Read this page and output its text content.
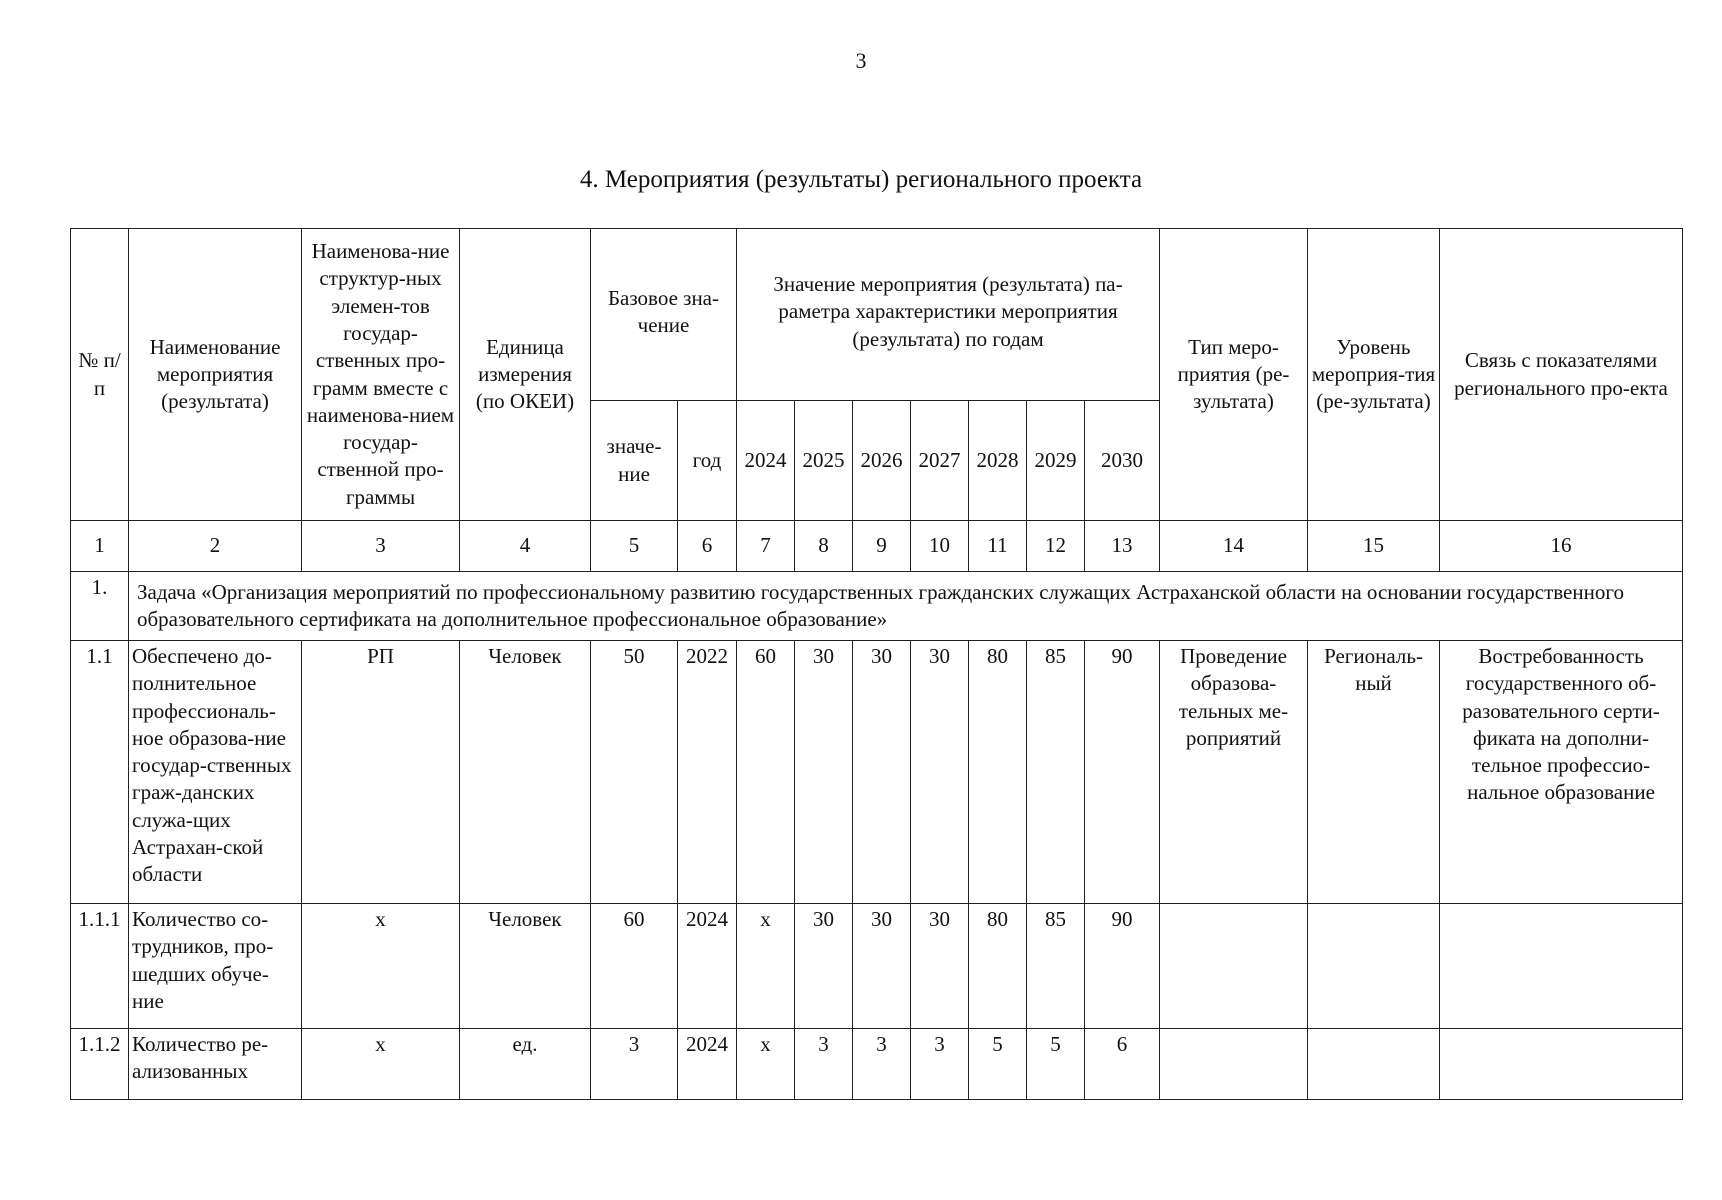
3
4. Мероприятия (результаты) регионального проекта
№ п/п	Наименование мероприятия (результата)	Наименова-ние структур-ных элемен-тов государ-ственных про-грамм вместе с наименова-нием государ-ственной про-граммы	Единица измерения (по ОКЕИ)	Базовое зна-чение		Значение мероприятия (результата) па-раметра характеристики мероприятия (результата) по годам							Тип меро-приятия (ре-зультата)	Уровень мероприя-тия (ре-зультата)	Связь с показателями регионального про-екта
				значе-ние	год	2024	2025	2026	2027	2028	2029	2030			
1	2	3	4	5	6	7	8	9	10	11	12	13	14	15	16
1.	Задача «Организация мероприятий по профессиональному развитию государственных гражданских служащих Астраханской области на основании государственного образовательного сертификата на дополнительное профессиональное образование»														
1.1	Обеспечено до-полнительное профессиональ-ное образова-ние государ-ственных граж-данских служа-щих Астрахан-ской области	РП	Человек	50	2022	60	30	30	30	80	85	90	Проведение образова-тельных ме-роприятий	Региональ-ный	Востребованность государственного об-разовательного серти-фиката на дополни-тельное профессио-нальное образование
1.1.1	Количество со-трудников, про-шедших обуче-ние	х	Человек	60	2024	х	30	30	30	80	85	90			
1.1.2	Количество ре-ализованных	х	ед.	3	2024	х	3	3	3	5	5	6			
